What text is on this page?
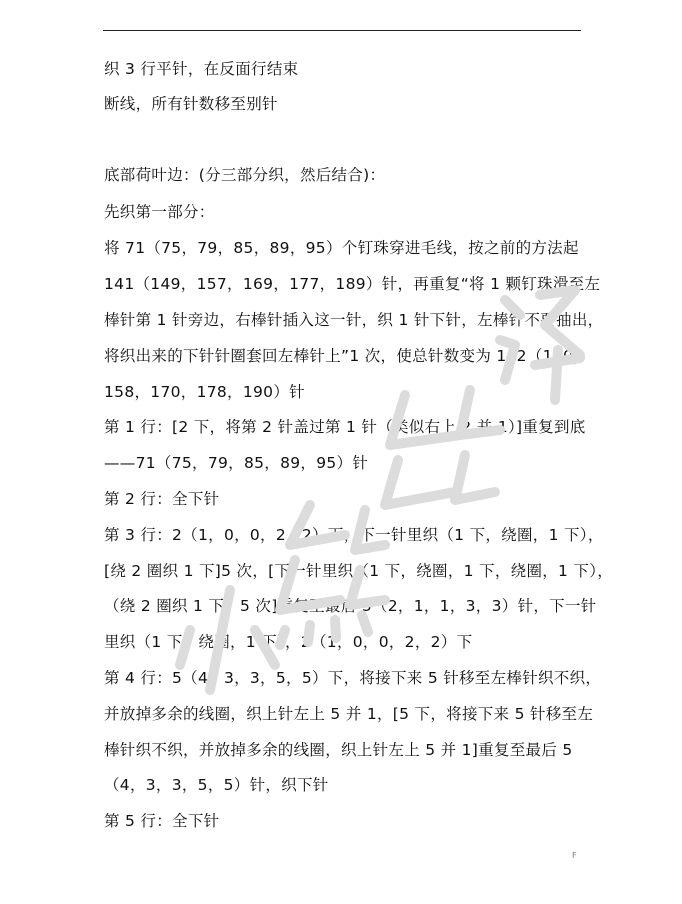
织 3 行平针，在反面行结束

断线，所有针数移至别针

底部荷叶边：(分三部分织，然后结合)：

先织第一部分：

将 71（75，79，85，89，95）个钉珠穿进毛线，按之前的方法起

141（149，157，169，177，189）针，再重复“将 1 颗钉珠滑至左

棒针第 1 针旁边，右棒针插入这一针，织 1 针下针，左棒针不要抽出，

将织出来的下针针圈套回左棒针上”1 次，使总针数变为 142（150，

158，170，178，190）针

第 1 行：[2 下，将第 2 针盖过第 1 针（类似右上 2 并 1）]重复到底

——71（75，79，85，89，95）针

第 2 行：全下针

第 3 行：2（1，0，0，2，2）下，下一针里织（1 下，绕圈，1 下），

[绕 2 圈织 1 下]5 次，[下一针里织（1 下，绕圈，1 下，绕圈，1 下），

（绕 2 圈织 1 下）5 次]重复至最后 3（2，1，1，3，3）针，下一针

里织（1 下，绕圈，1 下），2（1，0，0，2，2）下

第 4 行：5（4，3，3，5，5）下，将接下来 5 针移至左棒针织不织，

并放掉多余的线圈，织上针左上 5 并 1，[5 下，将接下来 5 针移至左

棒针织不织，并放掉多余的线圈，织上针左上 5 并 1]重复至最后 5

（4，3，3，5，5）针，织下针

第 5 行：全下针

F
